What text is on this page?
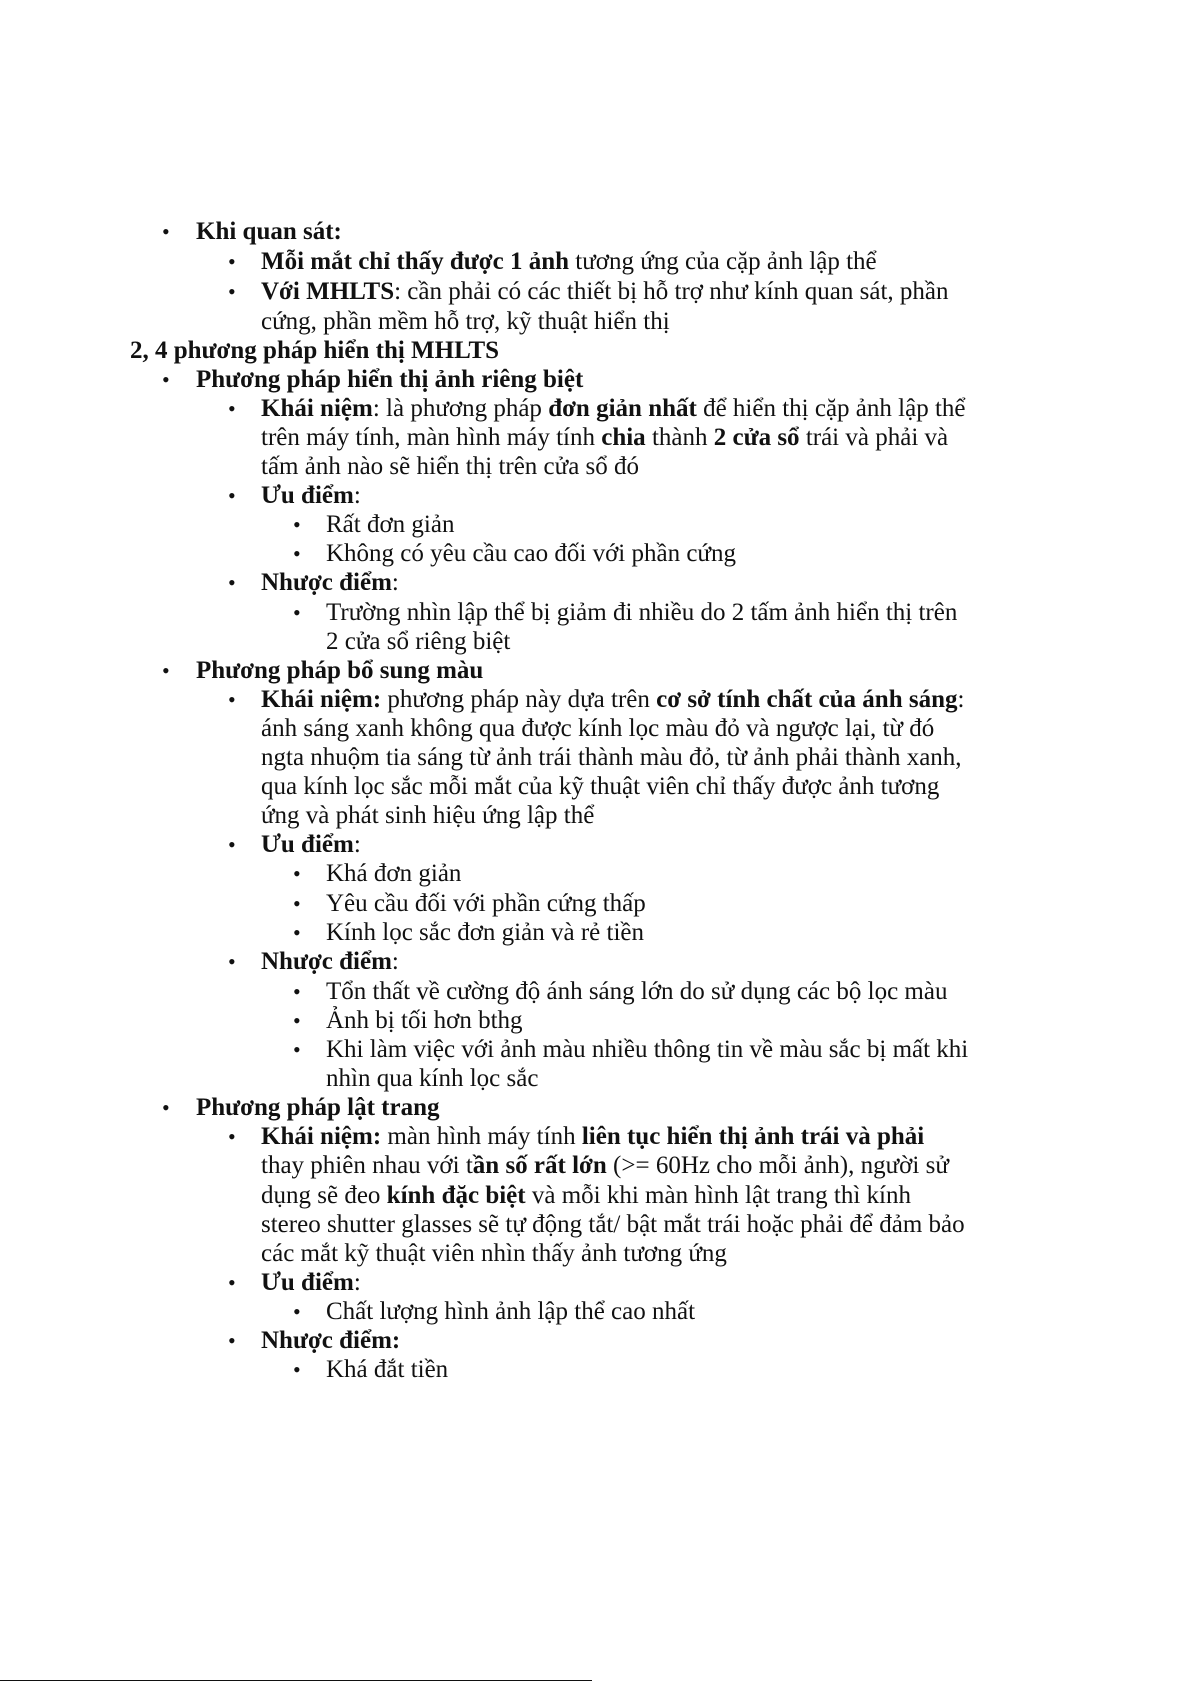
• Khi quan sát:
• Mỗi mắt chỉ thấy được 1 ảnh tương ứng của cặp ảnh lập thể
• Với MHLTS: cần phải có các thiết bị hỗ trợ như kính quan sát, phần
cứng, phần mềm hỗ trợ, kỹ thuật hiển thị
2, 4 phương pháp hiển thị MHLTS
• Phương pháp hiển thị ảnh riêng biệt
• Khái niệm: là phương pháp đơn giản nhất để hiển thị cặp ảnh lập thể
trên máy tính, màn hình máy tính chia thành 2 cửa sổ trái và phải và
tấm ảnh nào sẽ hiển thị trên cửa sổ đó
• Ưu điểm:
• Rất đơn giản
• Không có yêu cầu cao đối với phần cứng
• Nhược điểm:
• Trường nhìn lập thể bị giảm đi nhiều do 2 tấm ảnh hiển thị trên
2 cửa sổ riêng biệt
• Phương pháp bổ sung màu
• Khái niệm: phương pháp này dựa trên cơ sở tính chất của ánh sáng:
ánh sáng xanh không qua được kính lọc màu đỏ và ngược lại, từ đó
ngta nhuộm tia sáng từ ảnh trái thành màu đỏ, từ ảnh phải thành xanh,
qua kính lọc sắc mỗi mắt của kỹ thuật viên chỉ thấy được ảnh tương
ứng và phát sinh hiệu ứng lập thể
• Ưu điểm:
• Khá đơn giản
• Yêu cầu đối với phần cứng thấp
• Kính lọc sắc đơn giản và rẻ tiền
• Nhược điểm:
• Tổn thất về cường độ ánh sáng lớn do sử dụng các bộ lọc màu
• Ảnh bị tối hơn bthg
• Khi làm việc với ảnh màu nhiều thông tin về màu sắc bị mất khi
nhìn qua kính lọc sắc
• Phương pháp lật trang
• Khái niệm: màn hình máy tính liên tục hiển thị ảnh trái và phải
thay phiên nhau với tần số rất lớn (>= 60Hz cho mỗi ảnh), người sử
dụng sẽ đeo kính đặc biệt và mỗi khi màn hình lật trang thì kính
stereo shutter glasses sẽ tự động tắt/ bật mắt trái hoặc phải để đảm bảo
các mắt kỹ thuật viên nhìn thấy ảnh tương ứng
• Ưu điểm:
• Chất lượng hình ảnh lập thể cao nhất
• Nhược điểm:
• Khá đắt tiền
